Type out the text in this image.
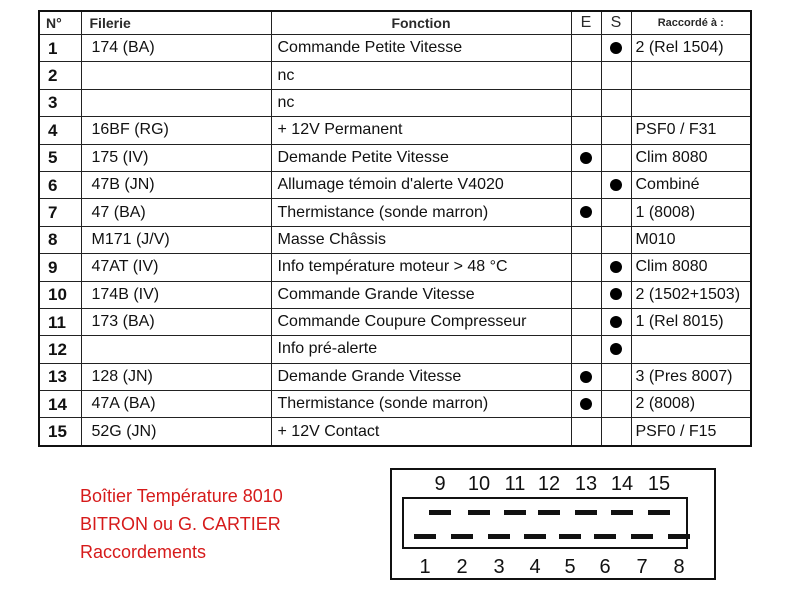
N°	Filerie	Fonction	E	S	Raccordé à :
1	174 (BA)	Commande Petite Vitesse			2 (Rel 1504)
2		nc			
3		nc			
4	16BF (RG)	+ 12V Permanent			PSF0 / F31
5	175 (IV)	Demande Petite Vitesse			Clim 8080
6	47B (JN)	Allumage témoin d'alerte V4020			Combiné
7	47 (BA)	Thermistance (sonde marron)			1 (8008)
8	M171 (J/V)	Masse Châssis			M010
9	47AT (IV)	Info température moteur > 48 °C			Clim 8080
10	174B (IV)	Commande Grande Vitesse			2 (1502+1503)
11	173 (BA)	Commande Coupure Compresseur			1 (Rel 8015)
12		Info pré-alerte			
13	128 (JN)	Demande Grande Vitesse			3 (Pres 8007)
14	47A (BA)	Thermistance (sonde marron)			2 (8008)
15	52G (JN)	+ 12V Contact			PSF0 / F15
Boîtier Température 8010
BITRON ou G. CARTIER
Raccordements
9	10 11 12 13 14 15
1	2	3	4	5	6	7	8
